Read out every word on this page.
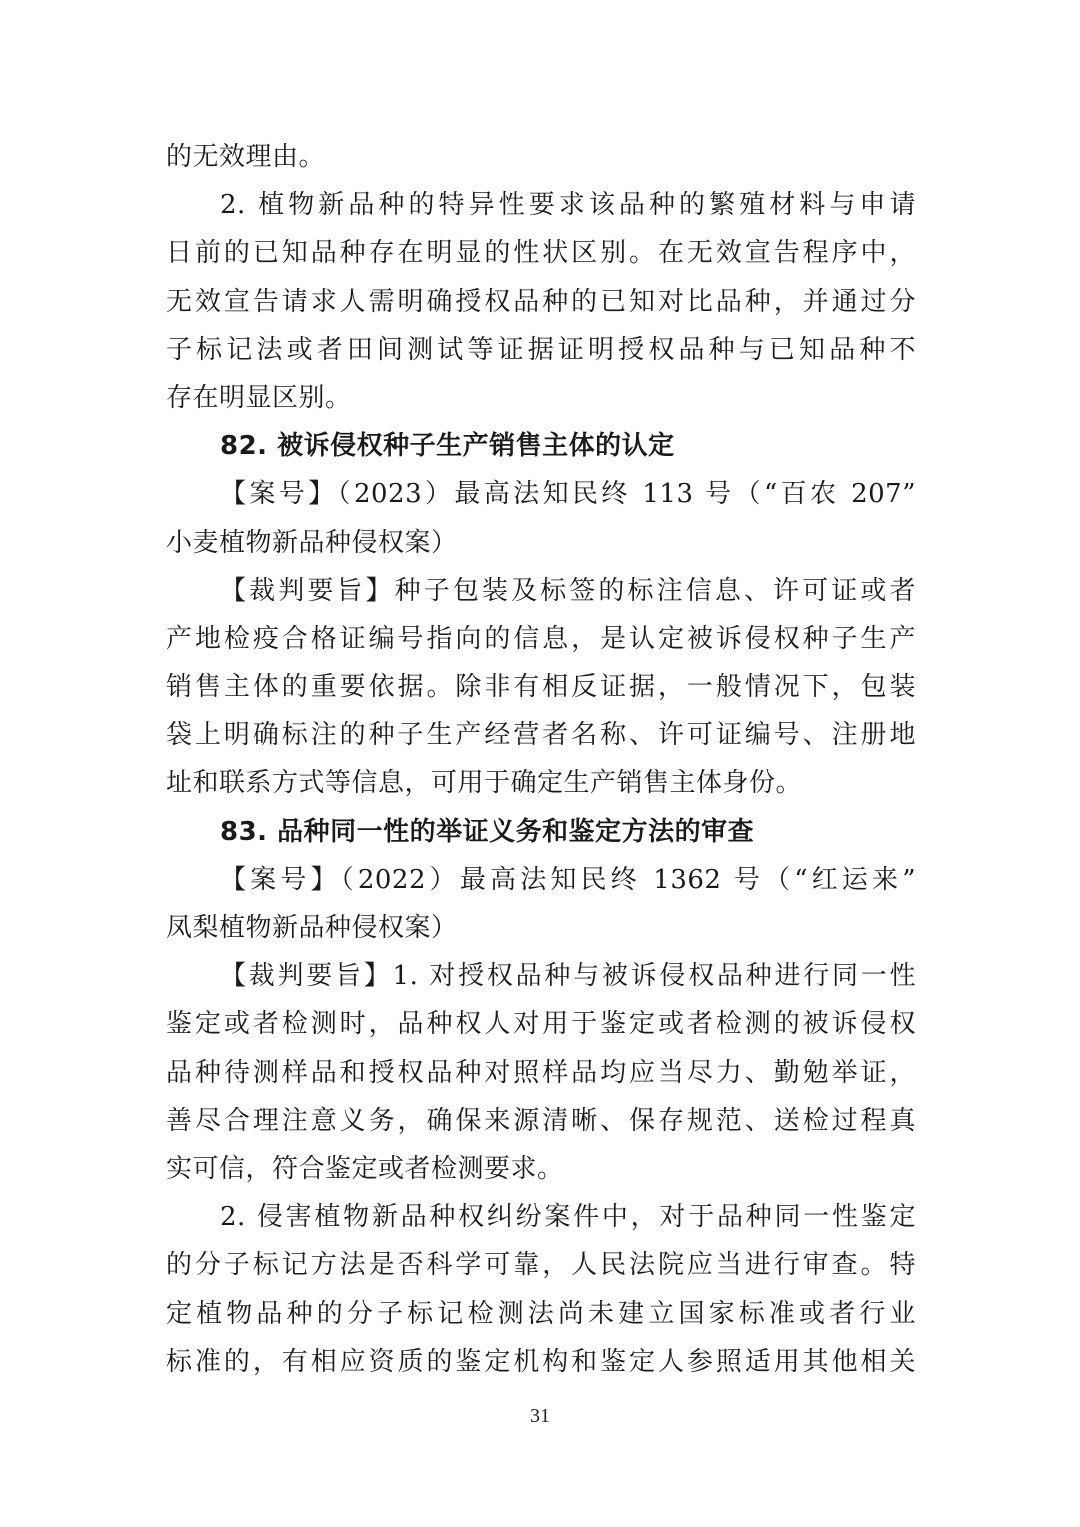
的无效理由。
2. 植物新品种的特异性要求该品种的繁殖材料与申请
日前的已知品种存在明显的性状区别。在无效宣告程序中，
无效宣告请求人需明确授权品种的已知对比品种，并通过分
子标记法或者田间测试等证据证明授权品种与已知品种不
存在明显区别。
82. 被诉侵权种子生产销售主体的认定
【案号】（2023）最高法知民终 113 号（“百农 207”
小麦植物新品种侵权案）
【裁判要旨】种子包装及标签的标注信息、许可证或者
产地检疫合格证编号指向的信息，是认定被诉侵权种子生产
销售主体的重要依据。除非有相反证据，一般情况下，包装
袋上明确标注的种子生产经营者名称、许可证编号、注册地
址和联系方式等信息，可用于确定生产销售主体身份。
83. 品种同一性的举证义务和鉴定方法的审查
【案号】（2022）最高法知民终 1362 号（“红运来”
凤梨植物新品种侵权案）
【裁判要旨】1. 对授权品种与被诉侵权品种进行同一性
鉴定或者检测时，品种权人对用于鉴定或者检测的被诉侵权
品种待测样品和授权品种对照样品均应当尽力、勤勉举证，
善尽合理注意义务，确保来源清晰、保存规范、送检过程真
实可信，符合鉴定或者检测要求。
2. 侵害植物新品种权纠纷案件中，对于品种同一性鉴定
的分子标记方法是否科学可靠，人民法院应当进行审查。特
定植物品种的分子标记检测法尚未建立国家标准或者行业
标准的，有相应资质的鉴定机构和鉴定人参照适用其他相关
31
